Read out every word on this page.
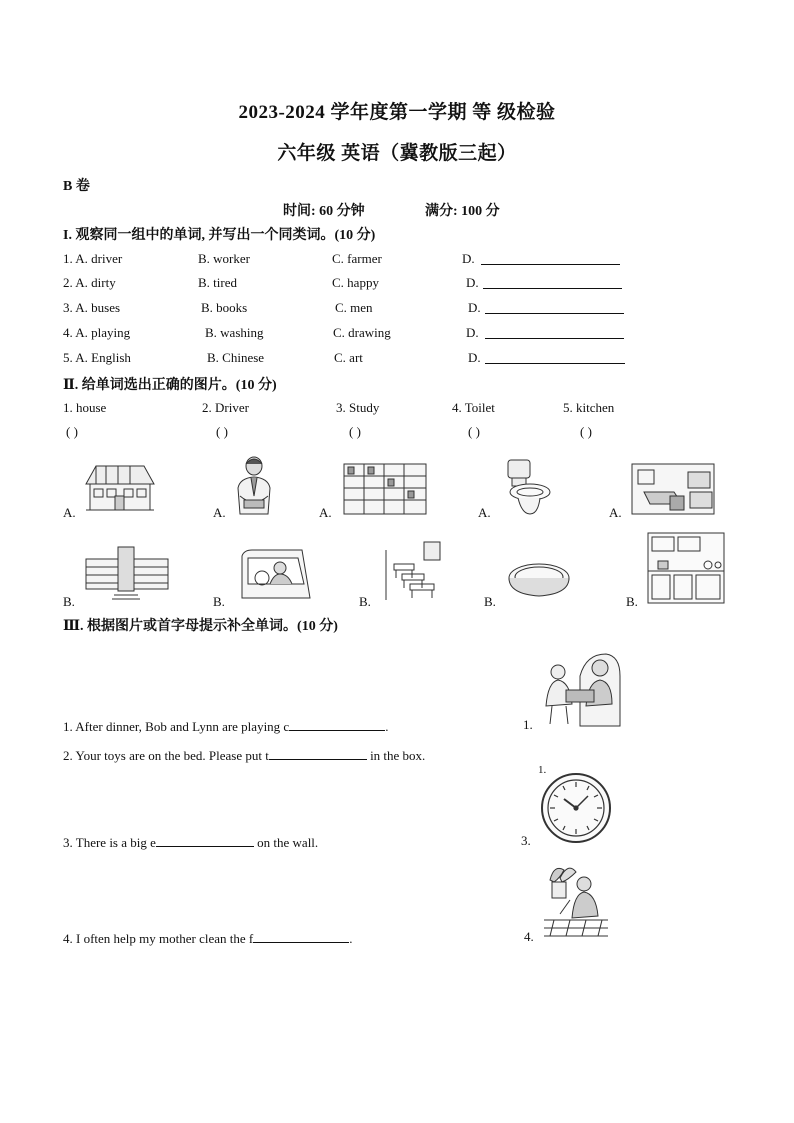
2023-2024 学年度第一学期 等 级检验
六年级 英语（冀教版三起）
B 卷
时间: 60 分钟	满分: 100 分
I. 观察同一组中的单词, 并写出一个同类词。(10 分)
1. A. driver	B. worker	C. farmer	D.
2. A. dirty	B. tired	C. happy	D.
3. A. buses	B. books	C. men	D.
4. A. playing	B. washing	C. drawing	D.
5. A. English	B. Chinese	C. art	D.
Ⅱ. 给单词选出正确的图片。(10 分)
1. house	2. Driver	3. Study	4. Toilet	5. kitchen
( )	( )	( )	( )	( )
A.	A.	A.	A.	A.
B.	B.	B.	B.	B.
Ⅲ. 根据图片或首字母提示补全单词。(10 分)
1. After dinner, Bob and Lynn are playing c	.	1.
2. Your toys are on the bed. Please put t	in the box.
1.
3. There is a big e	on the wall.	3.
4. I often help my mother clean the f	.	4.
